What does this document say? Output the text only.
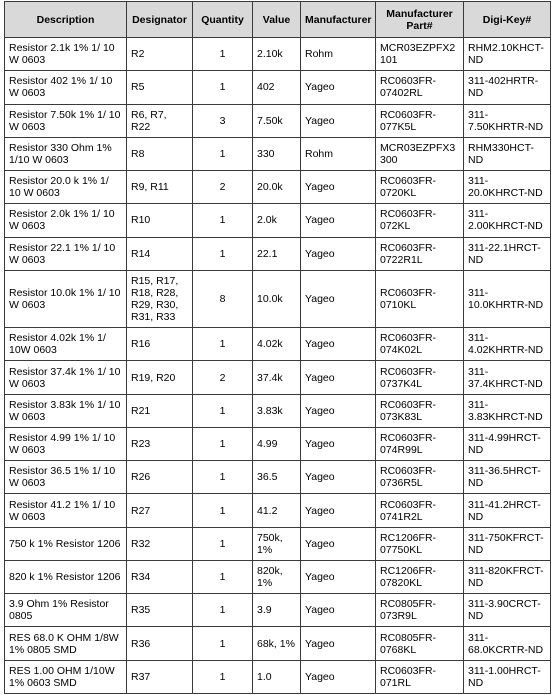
Description	Designator	Quantity	Value	Manufacturer	Manufacturer Part#	Digi-Key#
Resistor 2.1k 1% 1/ 10 W 0603	R2	1	2.10k	Rohm	MCR03EZPFX2 101	RHM2.10KHCT-ND
Resistor 402 1% 1/ 10 W 0603	R5	1	402	Yageo	RC0603FR-07402RL	311-402HRTR-ND
Resistor 7.50k 1% 1/ 10 W 0603	R6, R7, R22	3	7.50k	Yageo	RC0603FR-077K5L	311-7.50KHRTR-ND
Resistor 330 Ohm 1% 1/10 W 0603	R8	1	330	Rohm	MCR03EZPFX3 300	RHM330HCT-ND
Resistor 20.0 k 1% 1/ 10 W 0603	R9, R11	2	20.0k	Yageo	RC0603FR-0720KL	311-20.0KHRCT-ND
Resistor 2.0k 1% 1/ 10 W 0603	R10	1	2.0k	Yageo	RC0603FR-072KL	311-2.00KHRCT-ND
Resistor 22.1 1% 1/ 10 W 0603	R14	1	22.1	Yageo	RC0603FR-0722R1L	311-22.1HRCT-ND
Resistor 10.0k 1% 1/ 10 W 0603	R15, R17, R18, R28, R29, R30, R31, R33	8	10.0k	Yageo	RC0603FR-0710KL	311-10.0KHRTR-ND
Resistor 4.02k 1% 1/ 10W 0603	R16	1	4.02k	Yageo	RC0603FR-074K02L	311-4.02KHRTR-ND
Resistor 37.4k 1% 1/ 10 W 0603	R19, R20	2	37.4k	Yageo	RC0603FR-0737K4L	311-37.4KHRCT-ND
Resistor 3.83k 1% 1/ 10 W 0603	R21	1	3.83k	Yageo	RC0603FR-073K83L	311-3.83KHRCT-ND
Resistor 4.99 1% 1/ 10 W 0603	R23	1	4.99	Yageo	RC0603FR-074R99L	311-4.99HRCT-ND
Resistor 36.5 1% 1/ 10 W 0603	R26	1	36.5	Yageo	RC0603FR-0736R5L	311-36.5HRCT-ND
Resistor 41.2 1% 1/ 10 W 0603	R27	1	41.2	Yageo	RC0603FR-0741R2L	311-41.2HRCT-ND
750 k 1% Resistor 1206	R32	1	750k, 1%	Yageo	RC1206FR-07750KL	311-750KFRCT-ND
820 k 1% Resistor 1206	R34	1	820k, 1%	Yageo	RC1206FR-07820KL	311-820KFRCT-ND
3.9 Ohm 1% Resistor 0805	R35	1	3.9	Yageo	RC0805FR-073R9L	311-3.90CRCT-ND
RES 68.0 K OHM 1/8W 1% 0805 SMD	R36	1	68k, 1%	Yageo	RC0805FR-0768KL	311-68.0KCRTR-ND
RES 1.00 OHM 1/10W 1% 0603 SMD	R37	1	1.0	Yageo	RC0603FR-071RL	311-1.00HRCT-ND
